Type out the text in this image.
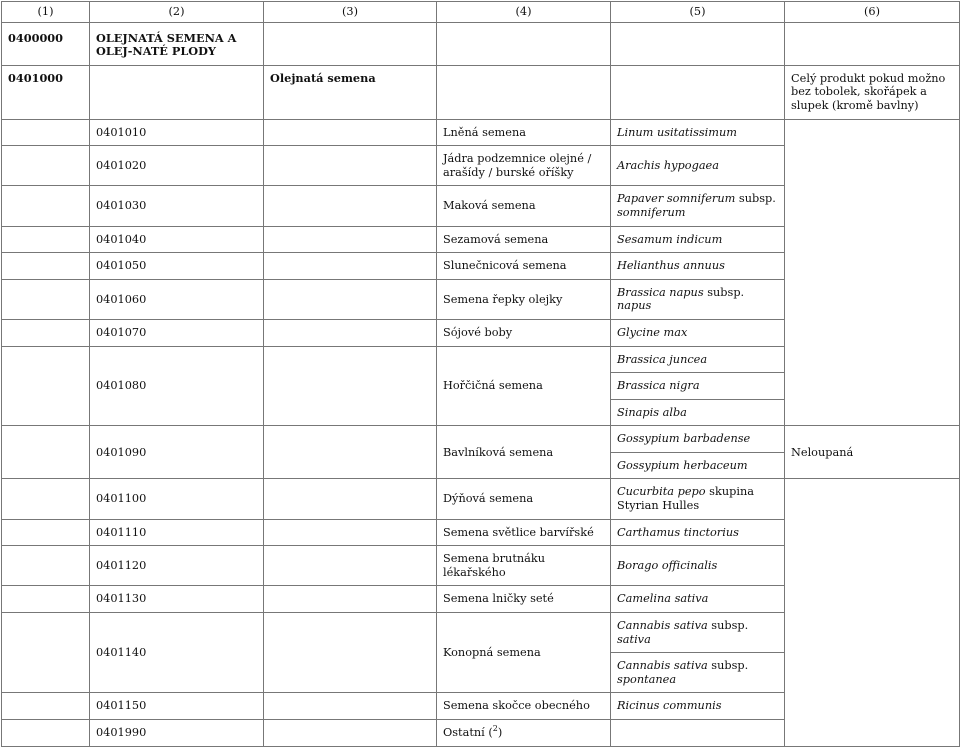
(1)	(2)	(3)	(4)	(5)	(6)
0400000	OLEJNATÁ SEMENA A OLEJ-NATÉ PLODY				
0401000		Olejnatá semena			Celý produkt pokud možno bez tobolek, skořápek a slupek (kromě bavlny)
	0401010		Lněná semena	Linum usitatissimum	
	0401020		Jádra podzemnice olejné / arašídy / burské oříšky	Arachis hypogaea	
	0401030		Maková semena	Papaver somniferum subsp. somniferum	
	0401040		Sezamová semena	Sesamum indicum	
	0401050		Slunečnicová semena	Helianthus annuus	
	0401060		Semena řepky olejky	Brassica napus subsp. napus	
	0401070		Sójové boby	Glycine max	
	0401080		Hořčičná semena	Brassica juncea
Brassica nigra
Sinapis alba	

	0401090		Bavlníková semena	Gossypium barbadense
Gossypium herbaceum	Neloupaná
	0401100		Dýňová semena	Cucurbita pepo skupina Styrian Hulles	
	0401110		Semena světlice barvířské	Carthamus tinctorius	
	0401120		Semena brutnáku lékařského	Borago officinalis	
	0401130		Semena lničky seté	Camelina sativa	
	0401140		Konopná semena	Cannabis sativa subsp. sativa
Cannabis sativa subsp. spontanea	

	0401150		Semena skočce obecného	Ricinus communis	
	0401990		Ostatní ($^2$)		
